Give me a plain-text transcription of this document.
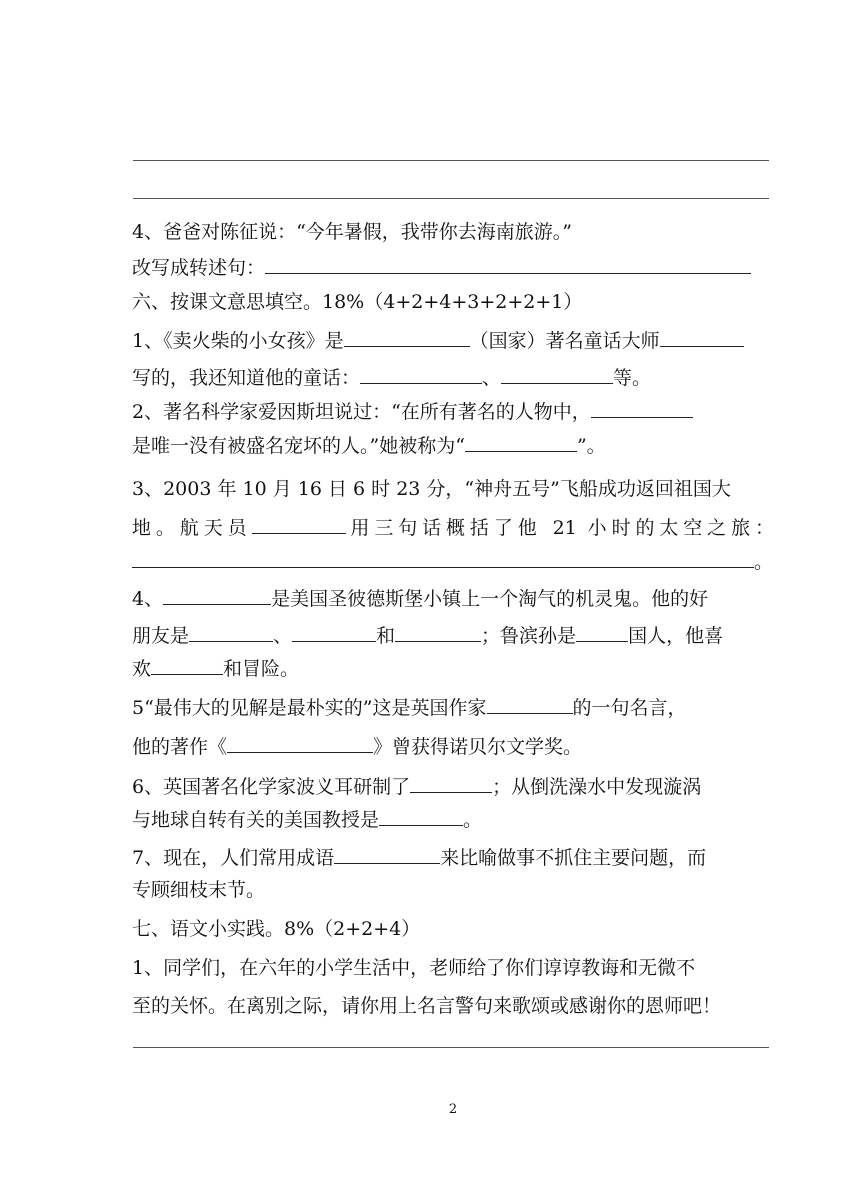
4、爸爸对陈征说：“今年暑假，我带你去海南旅游。”
改写成转述句：
六、按课文意思填空。18%（4+2+4+3+2+2+1）
1、《卖火柴的小女孩》是	（国家）著名童话大师
写的，我还知道他的童话：	、	等。
2、著名科学家爱因斯坦说过：“在所有著名的人物中，
是唯一没有被盛名宠坏的人。”她被称为“	”。
3、2003 年 10 月 16 日 6 时 23 分，“神舟五号”飞船成功返回祖国大
地。航天员	用三句话概括了他 21 小时的太空之旅：
。
4、	是美国圣彼德斯堡小镇上一个淘气的机灵鬼。他的好
朋友是	、	和	；鲁滨孙是	国人，他喜
欢	和冒险。
5“最伟大的见解是最朴实的”这是英国作家	的一句名言，
他的著作《	》曾获得诺贝尔文学奖。
6、英国著名化学家波义耳研制了	；从倒洗澡水中发现漩涡
与地球自转有关的美国教授是	。
7、现在，人们常用成语	来比喻做事不抓住主要问题，而
专顾细枝末节。
七、语文小实践。8%（2+2+4）
1、同学们，在六年的小学生活中，老师给了你们谆谆教诲和无微不
至的关怀。在离别之际，请你用上名言警句来歌颂或感谢你的恩师吧！
2
